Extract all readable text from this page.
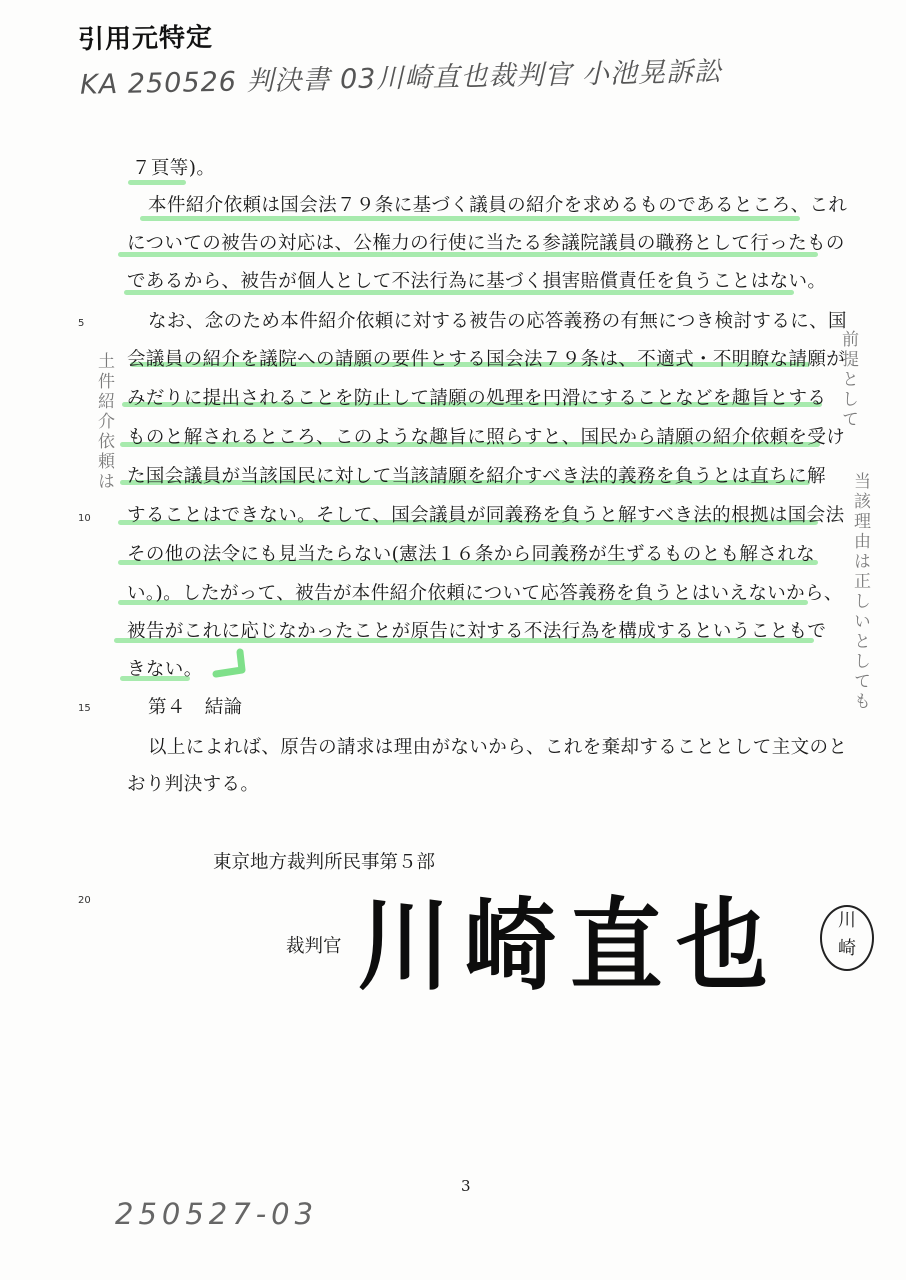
引用元特定
KA 250526 判決書 03川崎直也裁判官 小池晃訴訟
土件紹介依頼は	前提として
当該理由は正しいとしても
5
10
15
20
７頁等)。
本件紹介依頼は国会法７９条に基づく議員の紹介を求めるものであるところ、これ
についての被告の対応は、公権力の行使に当たる参議院議員の職務として行ったもの
であるから、被告が個人として不法行為に基づく損害賠償責任を負うことはない。
なお、念のため本件紹介依頼に対する被告の応答義務の有無につき検討するに、国
会議員の紹介を議院への請願の要件とする国会法７９条は、不適式・不明瞭な請願が
みだりに提出されることを防止して請願の処理を円滑にすることなどを趣旨とする
ものと解されるところ、このような趣旨に照らすと、国民から請願の紹介依頼を受け
た国会議員が当該国民に対して当該請願を紹介すべき法的義務を負うとは直ちに解
することはできない。そして、国会議員が同義務を負うと解すべき法的根拠は国会法
その他の法令にも見当たらない(憲法１６条から同義務が生ずるものとも解されな
い。)。したがって、被告が本件紹介依頼について応答義務を負うとはいえないから、
被告がこれに応じなかったことが原告に対する不法行為を構成するということもで
きない。
第４　結論
以上によれば、原告の請求は理由がないから、これを棄却することとして主文のと
おり判決する。
東京地方裁判所民事第５部
裁判官 川崎直也	川
崎
3
250527-03
